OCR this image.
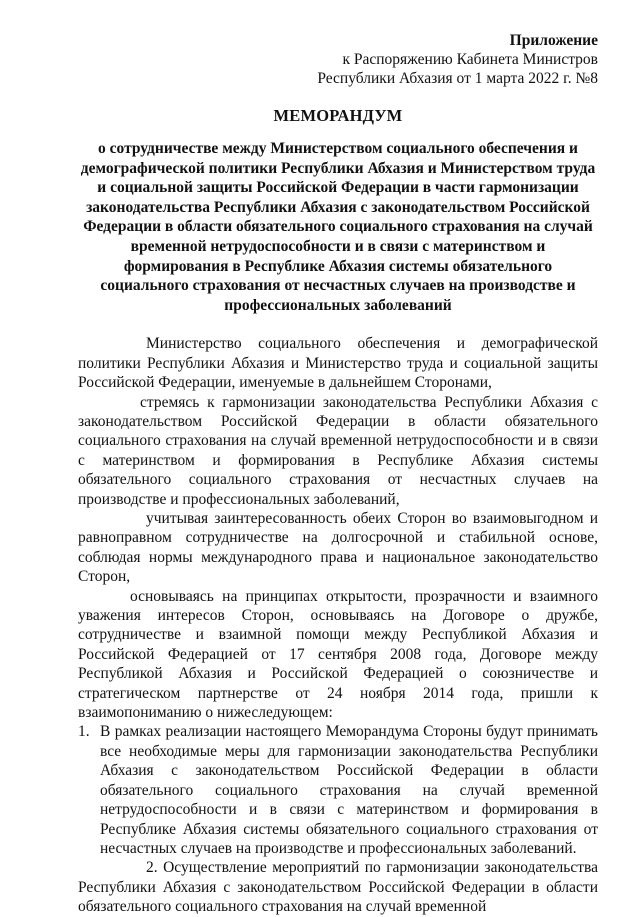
Приложение
к Распоряжению Кабинета Министров
Республики Абхазия от 1 марта 2022 г. №8
МЕМОРАНДУМ
о сотрудничестве между Министерством социального обеспечения и демографической политики Республики Абхазия и Министерством труда и социальной защиты Российской Федерации в части гармонизации законодательства Республики Абхазия с законодательством Российской Федерации в области обязательного социального страхования на случай временной нетрудоспособности и в связи с материнством и формирования в Республике Абхазия системы обязательного социального страхования от несчастных случаев на производстве и профессиональных заболеваний

Министерство социального обеспечения и демографической политики Республики Абхазия и Министерство труда и социальной защиты Российской Федерации, именуемые в дальнейшем Сторонами,

стремясь к гармонизации законодательства Республики Абхазия с законодательством Российской Федерации в области обязательного социального страхования на случай временной нетрудоспособности и в связи с материнством и формирования в Республике Абхазия системы обязательного социального страхования от несчастных случаев на производстве и профессиональных заболеваний,

учитывая заинтересованность обеих Сторон во взаимовыгодном и равноправном сотрудничестве на долгосрочной и стабильной основе, соблюдая нормы международного права и национальное законодательство Сторон,

основываясь на принципах открытости, прозрачности и взаимного уважения интересов Сторон, основываясь на Договоре о дружбе, сотрудничестве и взаимной помощи между Республикой Абхазия и Российской Федерацией от 17 сентября 2008 года, Договоре между Республикой Абхазия и Российской Федерацией о союзничестве и стратегическом партнерстве от 24 ноября 2014 года, пришли к взаимопониманию о нижеследующем:

1. В рамках реализации настоящего Меморандума Стороны будут принимать все необходимые меры для гармонизации законодательства Республики Абхазия с законодательством Российской Федерации в области обязательного социального страхования на случай временной нетрудоспособности и в связи с материнством и формирования в Республике Абхазия системы обязательного социального страхования от несчастных случаев на производстве и профессиональных заболеваний.

2. Осуществление мероприятий по гармонизации законодательства Республики Абхазия с законодательством Российской Федерации в области обязательного социального страхования на случай временной
